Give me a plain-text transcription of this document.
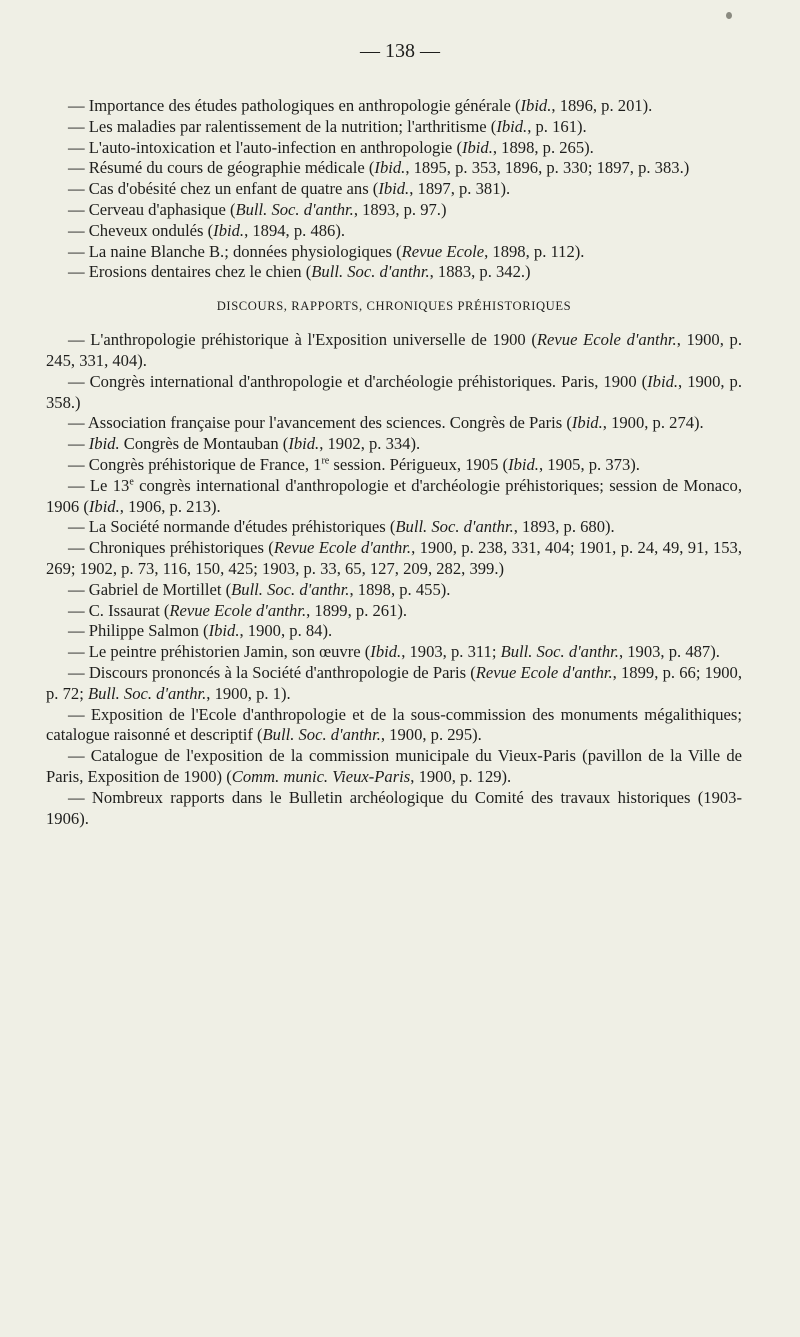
— 138 —

— Importance des études pathologiques en anthropologie générale (Ibid., 1896, p. 201).

— Les maladies par ralentissement de la nutrition; l'arthritisme (Ibid., p. 161).

— L'auto-intoxication et l'auto-infection en anthropologie (Ibid., 1898, p. 265).

— Résumé du cours de géographie médicale (Ibid., 1895, p. 353, 1896, p. 330; 1897, p. 383.)

— Cas d'obésité chez un enfant de quatre ans (Ibid., 1897, p. 381).

— Cerveau d'aphasique (Bull. Soc. d'anthr., 1893, p. 97.)

— Cheveux ondulés (Ibid., 1894, p. 486).

— La naine Blanche B.; données physiologiques (Revue Ecole, 1898, p. 112).

— Erosions dentaires chez le chien (Bull. Soc. d'anthr., 1883, p. 342.)

DISCOURS, RAPPORTS, CHRONIQUES PRÉHISTORIQUES

— L'anthropologie préhistorique à l'Exposition universelle de 1900 (Revue Ecole d'anthr., 1900, p. 245, 331, 404).

— Congrès international d'anthropologie et d'archéologie préhistoriques. Paris, 1900 (Ibid., 1900, p. 358.)

— Association française pour l'avancement des sciences. Congrès de Paris (Ibid., 1900, p. 274).

— Ibid. Congrès de Montauban (Ibid., 1902, p. 334).

— Congrès préhistorique de France, 1re session. Périgueux, 1905 (Ibid., 1905, p. 373).

— Le 13e congrès international d'anthropologie et d'archéologie préhistoriques; session de Monaco, 1906 (Ibid., 1906, p. 213).

— La Société normande d'études préhistoriques (Bull. Soc. d'anthr., 1893, p. 680).

— Chroniques préhistoriques (Revue Ecole d'anthr., 1900, p. 238, 331, 404; 1901, p. 24, 49, 91, 153, 269; 1902, p. 73, 116, 150, 425; 1903, p. 33, 65, 127, 209, 282, 399.)

— Gabriel de Mortillet (Bull. Soc. d'anthr., 1898, p. 455).

— C. Issaurat (Revue Ecole d'anthr., 1899, p. 261).

— Philippe Salmon (Ibid., 1900, p. 84).

— Le peintre préhistorien Jamin, son œuvre (Ibid., 1903, p. 311; Bull. Soc. d'anthr., 1903, p. 487).

— Discours prononcés à la Société d'anthropologie de Paris (Revue Ecole d'anthr., 1899, p. 66; 1900, p. 72; Bull. Soc. d'anthr., 1900, p. 1).

— Exposition de l'Ecole d'anthropologie et de la sous-commission des monuments mégalithiques; catalogue raisonné et descriptif (Bull. Soc. d'anthr., 1900, p. 295).

— Catalogue de l'exposition de la commission municipale du Vieux-Paris (pavillon de la Ville de Paris, Exposition de 1900) (Comm. munic. Vieux-Paris, 1900, p. 129).

— Nombreux rapports dans le Bulletin archéologique du Comité des travaux historiques (1903-1906).
